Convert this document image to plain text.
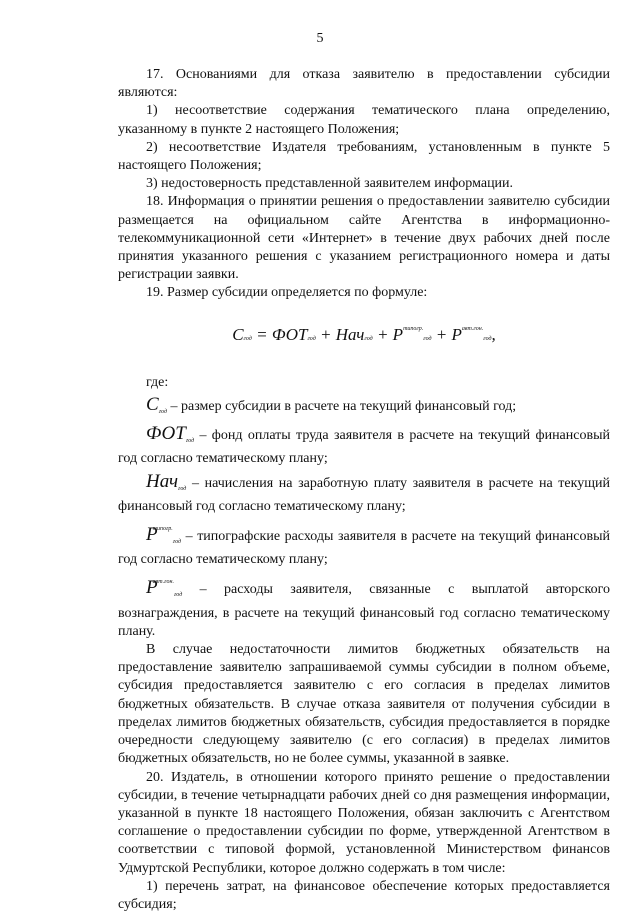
5

17. Основаниями для отказа заявителю в предоставлении субсидии являются:

1) несоответствие содержания тематического плана определению, указанному в пункте 2 настоящего Положения;

2) несоответствие Издателя требованиям, установленным в пункте 5 настоящего Положения;

3) недостоверность представленной заявителем информации.

18. Информация о принятии решения о предоставлении заявителю субсидии размещается на официальном сайте Агентства в информационно-телекоммуникационной сети «Интернет» в течение двух рабочих дней после принятия указанного решения с указанием регистрационного номера и даты регистрации заявки.

19. Размер субсидии определяется по формуле:

Сгод = ФОТгод + Начгод + $Р^{типогр.}год + Р^{авт.гон.}год$,

где:

$С_{год}$ – размер субсидии в расчете на текущий финансовый год;

$ФОТ_{год}$ – фонд оплаты труда заявителя в расчете на текущий финансовый год согласно тематическому плану;

Нач$_{год}$ – начисления на заработную плату заявителя в расчете на текущий финансовый год согласно тематическому плану;

$Р^{типогр.}_{год}$ – типографские расходы заявителя в расчете на текущий финансовый год согласно тематическому плану;

$Р^{авт.гон.}_{год}$ – расходы заявителя, связанные с выплатой авторского вознаграждения, в расчете на текущий финансовый год согласно тематическому плану.

В случае недостаточности лимитов бюджетных обязательств на предоставление заявителю запрашиваемой суммы субсидии в полном объеме, субсидия предоставляется заявителю с его согласия в пределах лимитов бюджетных обязательств. В случае отказа заявителя от получения субсидии в пределах лимитов бюджетных обязательств, субсидия предоставляется в порядке очередности следующему заявителю (с его согласия) в пределах лимитов бюджетных обязательств, но не более суммы, указанной в заявке.

20. Издатель, в отношении которого принято решение о предоставлении субсидии, в течение четырнадцати рабочих дней со дня размещения информации, указанной в пункте 18 настоящего Положения, обязан заключить с Агентством соглашение о предоставлении субсидии по форме, утвержденной Агентством в соответствии с типовой формой, установленной Министерством финансов Удмуртской Республики, которое должно содержать в том числе:

1) перечень затрат, на финансовое обеспечение которых предоставляется субсидия;
